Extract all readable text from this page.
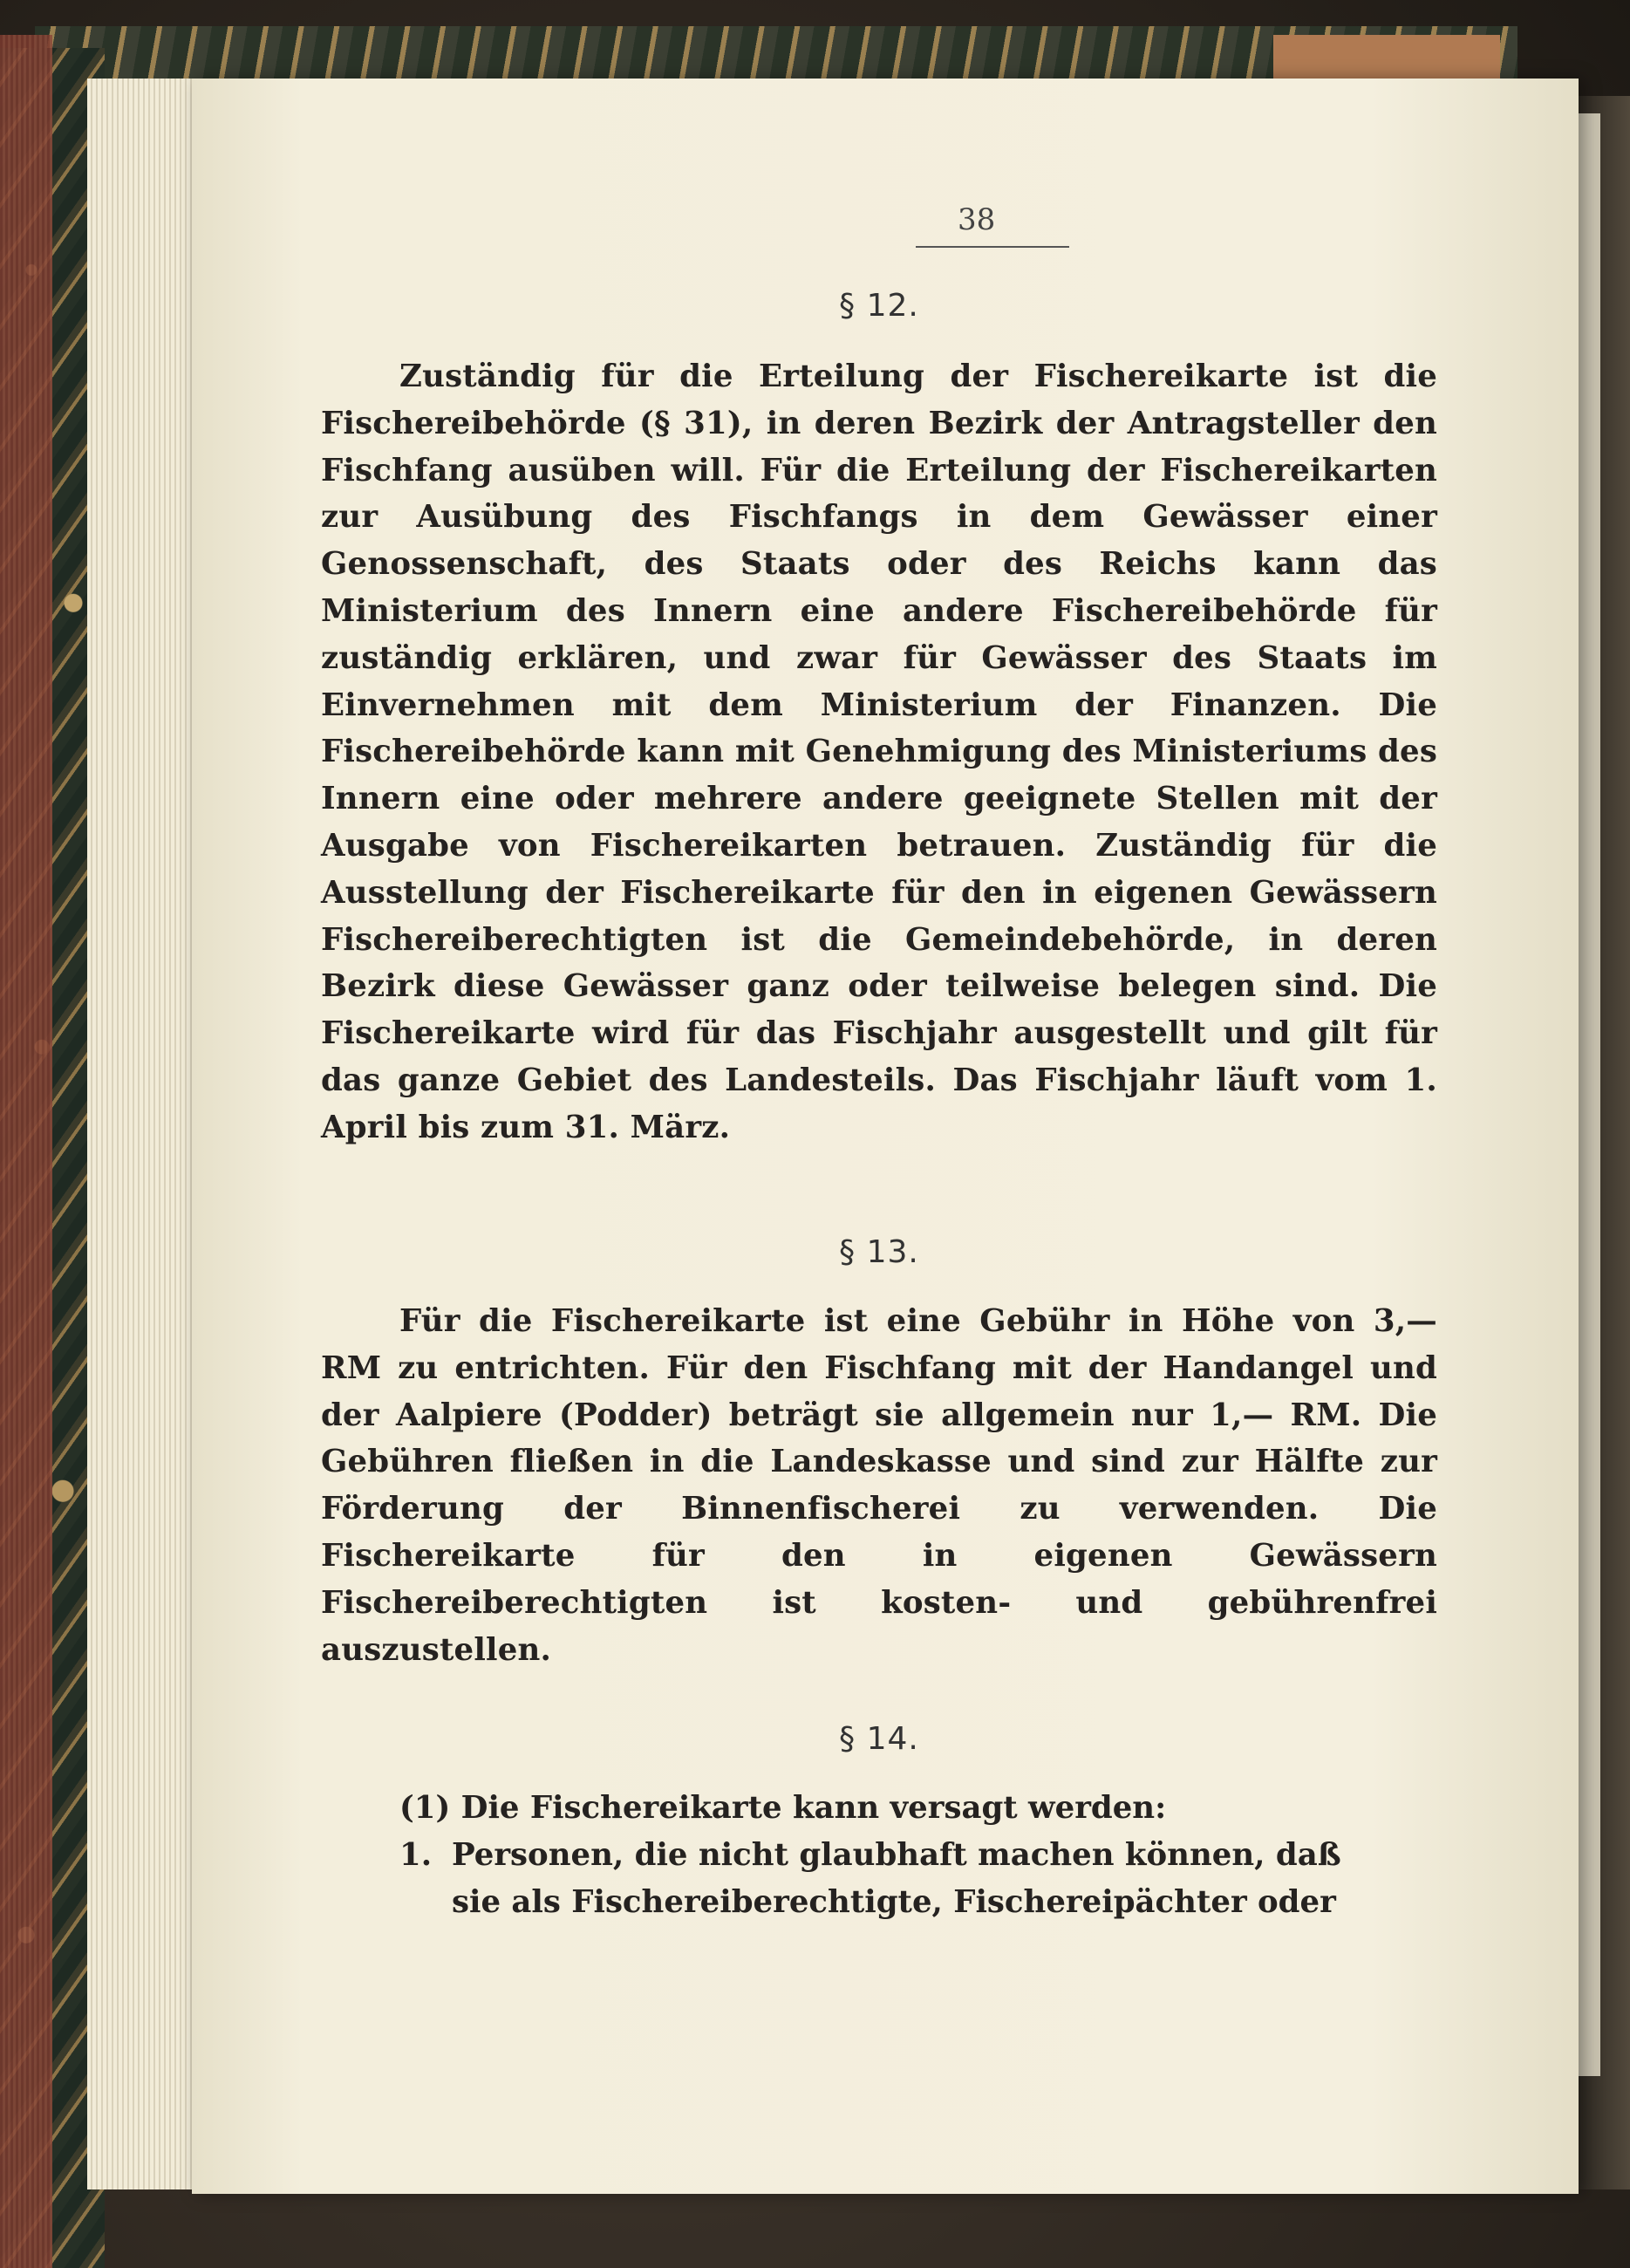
38
§ 12.
Zuständig für die Erteilung der Fischereikarte ist die Fischereibehörde (§ 31), in deren Bezirk der Antragsteller den Fischfang ausüben will. Für die Erteilung der Fischereikarten zur Ausübung des Fischfangs in dem Gewässer einer Genossenschaft, des Staats oder des Reichs kann das Ministerium des Innern eine andere Fischereibehörde für zuständig erklären, und zwar für Gewässer des Staats im Einvernehmen mit dem Ministerium der Finanzen. Die Fischereibehörde kann mit Genehmigung des Ministeriums des Innern eine oder mehrere andere geeignete Stellen mit der Ausgabe von Fischereikarten betrauen. Zuständig für die Ausstellung der Fischereikarte für den in eigenen Gewässern Fischereiberechtigten ist die Gemeindebehörde, in deren Bezirk diese Gewässer ganz oder teilweise belegen sind. Die Fischereikarte wird für das Fischjahr ausgestellt und gilt für das ganze Gebiet des Landesteils. Das Fischjahr läuft vom 1. April bis zum 31. März.
§ 13.
Für die Fischereikarte ist eine Gebühr in Höhe von 3,— RM zu entrichten. Für den Fischfang mit der Handangel und der Aalpiere (Podder) beträgt sie allgemein nur 1,— RM. Die Gebühren fließen in die Landeskasse und sind zur Hälfte zur Förderung der Binnenfischerei zu verwenden. Die Fischereikarte für den in eigenen Gewässern Fischereiberechtigten ist kosten- und gebührenfrei auszustellen.
§ 14.
(1) Die Fischereikarte kann versagt werden:
1. Personen, die nicht glaubhaft machen können, daß
sie als Fischereiberechtigte, Fischereipächter oder
